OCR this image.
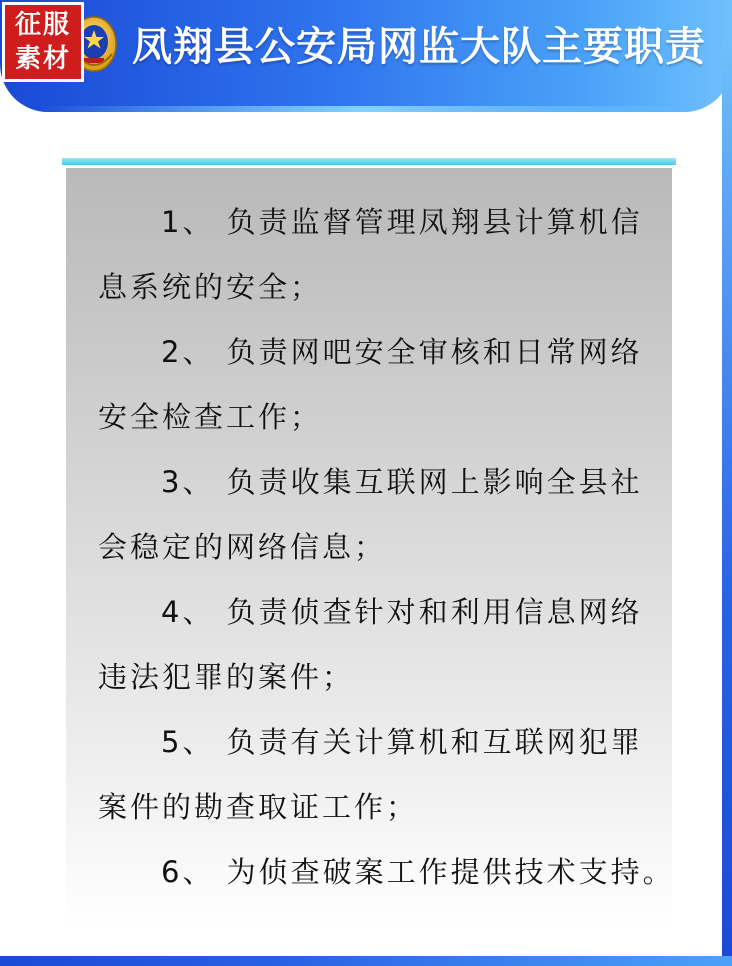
征服
素材 凤翔县公安局网监大队主要职责
1、 负责监督管理凤翔县计算机信
息系统的安全；
2、 负责网吧安全审核和日常网络
安全检查工作；
3、 负责收集互联网上影响全县社
会稳定的网络信息；
4、 负责侦查针对和利用信息网络
违法犯罪的案件；
5、 负责有关计算机和互联网犯罪
案件的勘查取证工作；
6、 为侦查破案工作提供技术支持。
